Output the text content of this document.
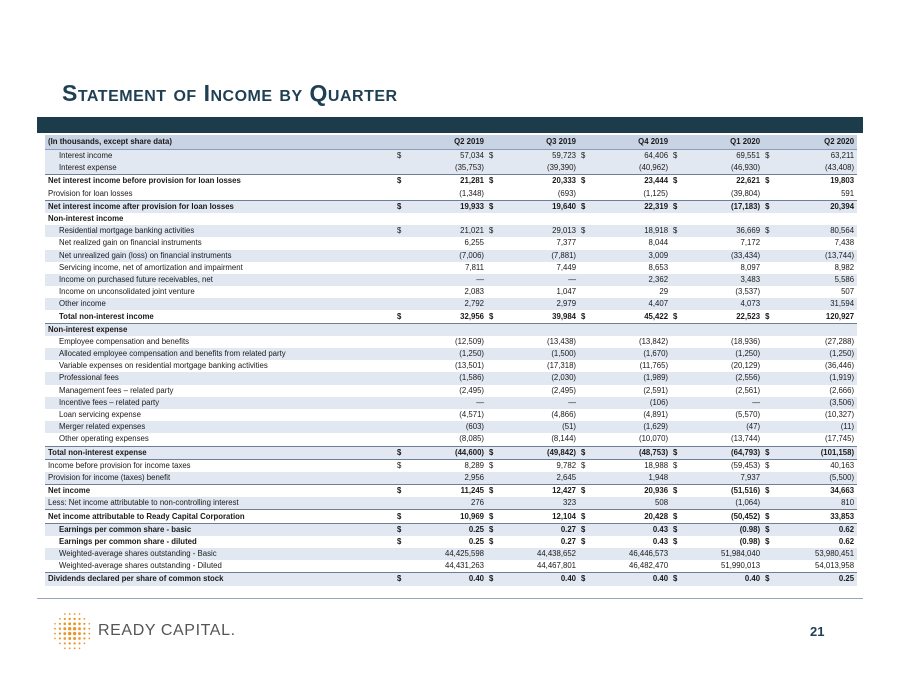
Statement of Income by Quarter
(In thousands, except share data)	Q2 2019		Q3 2019		Q4 2019		Q1 2020		Q2 2020	
Interest income	$	57,034	$	59,723	$	64,406	$	69,551	$	63,211
Interest expense		(35,753)		(39,390)		(40,962)		(46,930)		(43,408)
Net interest income before provision for loan losses	$	21,281	$	20,333	$	23,444	$	22,621	$	19,803
Provision for loan losses		(1,348)		(693)		(1,125)		(39,804)		591
Net interest income after provision for loan losses	$	19,933	$	19,640	$	22,319	$	(17,183)	$	20,394
Non-interest income										
Residential mortgage banking activities	$	21,021	$	29,013	$	18,918	$	36,669	$	80,564
Net realized gain on financial instruments		6,255		7,377		8,044		7,172		7,438
Net unrealized gain (loss) on financial instruments		(7,006)		(7,881)		3,009		(33,434)		(13,744)
Servicing income, net of amortization and impairment		7,811		7,449		8,653		8,097		8,982
Income on purchased future receivables, net		—		—		2,362		3,483		5,586
Income on unconsolidated joint venture		2,083		1,047		29		(3,537)		507
Other income		2,792		2,979		4,407		4,073		31,594
Total non-interest income	$	32,956	$	39,984	$	45,422	$	22,523	$	120,927
Non-interest expense										
Employee compensation and benefits		(12,509)		(13,438)		(13,842)		(18,936)		(27,288)
Allocated employee compensation and benefits from related party		(1,250)		(1,500)		(1,670)		(1,250)		(1,250)
Variable expenses on residential mortgage banking activities		(13,501)		(17,318)		(11,765)		(20,129)		(36,446)
Professional fees		(1,586)		(2,030)		(1,989)		(2,556)		(1,919)
Management fees – related party		(2,495)		(2,495)		(2,591)		(2,561)		(2,666)
Incentive fees – related party		—		—		(106)		—		(3,506)
Loan servicing expense		(4,571)		(4,866)		(4,891)		(5,570)		(10,327)
Merger related expenses		(603)		(51)		(1,629)		(47)		(11)
Other operating expenses		(8,085)		(8,144)		(10,070)		(13,744)		(17,745)
Total non-interest expense	$	(44,600)	$	(49,842)	$	(48,753)	$	(64,793)	$	(101,158)
Income before provision for income taxes	$	8,289	$	9,782	$	18,988	$	(59,453)	$	40,163
Provision for income (taxes) benefit		2,956		2,645		1,948		7,937		(5,500)
Net income	$	11,245	$	12,427	$	20,936	$	(51,516)	$	34,663
Less: Net income attributable to non-controlling interest		276		323		508		(1,064)		810
Net income attributable to Ready Capital Corporation	$	10,969	$	12,104	$	20,428	$	(50,452)	$	33,853
Earnings per common share - basic	$	0.25	$	0.27	$	0.43	$	(0.98)	$	0.62
Earnings per common share - diluted	$	0.25	$	0.27	$	0.43	$	(0.98)	$	0.62
Weighted-average shares outstanding - Basic		44,425,598		44,438,652		46,446,573		51,984,040		53,980,451
Weighted-average shares outstanding - Diluted		44,431,263		44,467,801		46,482,470		51,990,013		54,013,958
Dividends declared per share of common stock	$	0.40	$	0.40	$	0.40	$	0.40	$	0.25
READY CAPITAL.	21
